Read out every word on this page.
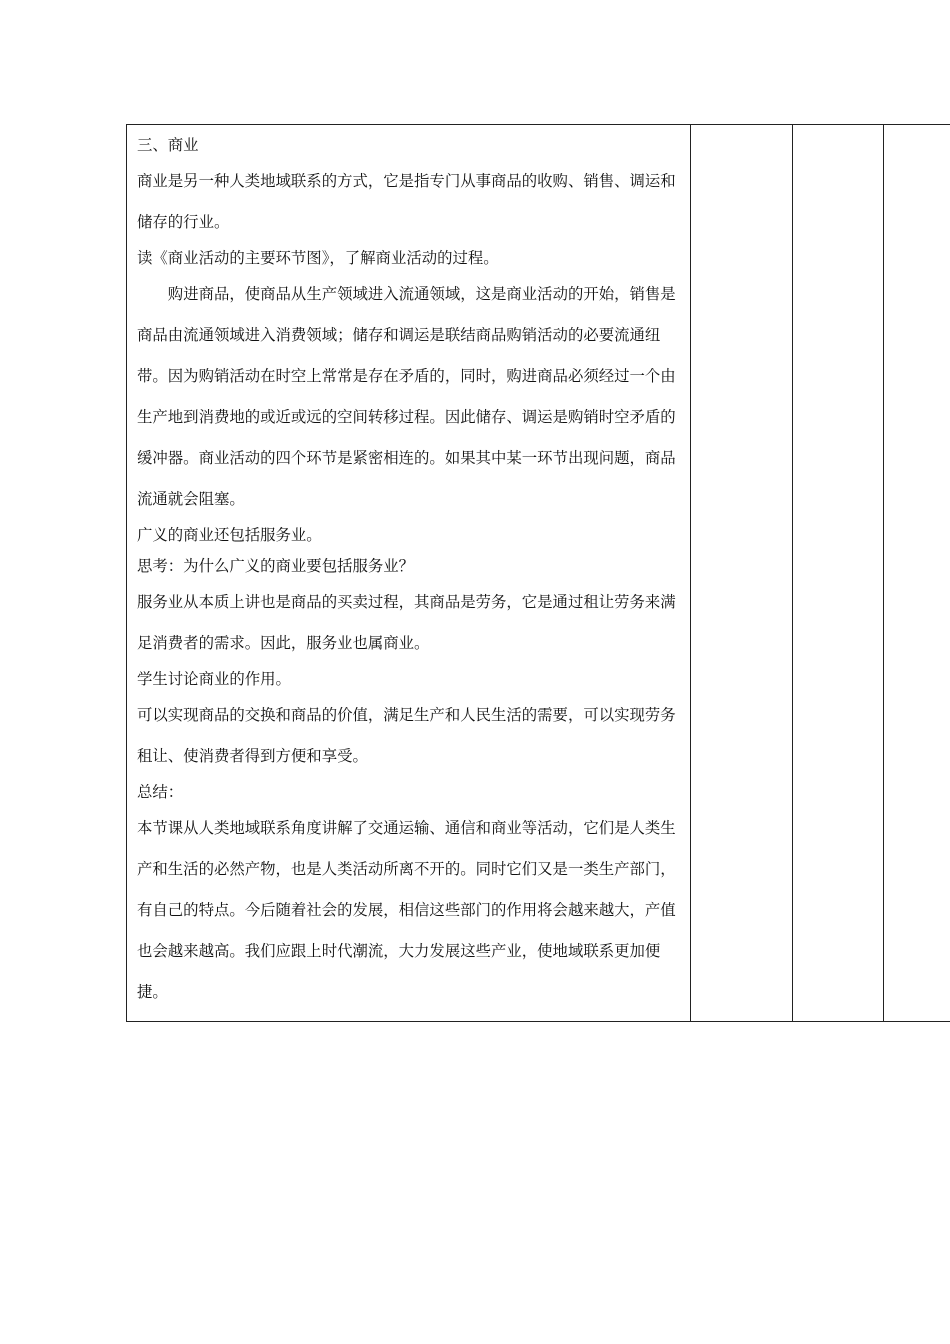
三、商业

商业是另一种人类地域联系的方式，它是指专门从事商品的收购、销售、调运和储存的行业。

读《商业活动的主要环节图》，了解商业活动的过程。

购进商品，使商品从生产领域进入流通领域，这是商业活动的开始，销售是商品由流通领域进入消费领域；储存和调运是联结商品购销活动的必要流通纽带。因为购销活动在时空上常常是存在矛盾的，同时，购进商品必须经过一个由生产地到消费地的或近或远的空间转移过程。因此储存、调运是购销时空矛盾的缓冲器。商业活动的四个环节是紧密相连的。如果其中某一环节出现问题，商品流通就会阻塞。

广义的商业还包括服务业。

思考：为什么广义的商业要包括服务业？

服务业从本质上讲也是商品的买卖过程，其商品是劳务，它是通过租让劳务来满足消费者的需求。因此，服务业也属商业。

学生讨论商业的作用。

可以实现商品的交换和商品的价值，满足生产和人民生活的需要，可以实现劳务租让、使消费者得到方便和享受。

总结：

本节课从人类地域联系角度讲解了交通运输、通信和商业等活动，它们是人类生产和生活的必然产物，也是人类活动所离不开的。同时它们又是一类生产部门，有自己的特点。今后随着社会的发展，相信这些部门的作用将会越来越大，产值也会越来越高。我们应跟上时代潮流，大力发展这些产业，使地域联系更加便捷。
